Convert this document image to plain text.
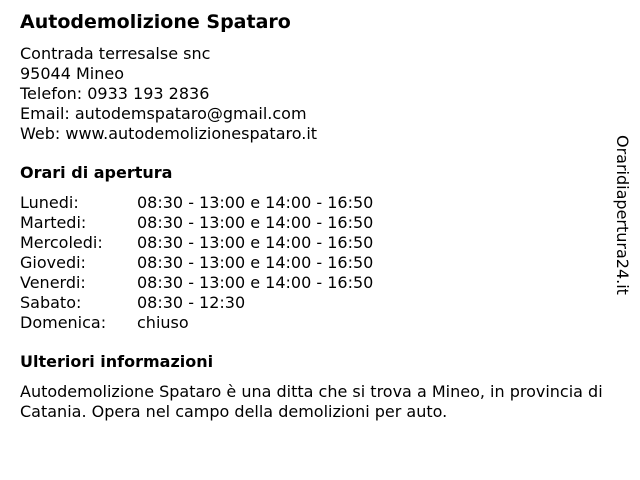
Autodemolizione Spataro
Contrada terresalse snc
95044 Mineo
Telefon: 0933 193 2836
Email: autodemspataro@gmail.com
Web: www.autodemolizionespataro.it
Orari di apertura
Lunedi:	08:30 - 13:00 e 14:00 - 16:50
Martedi:	08:30 - 13:00 e 14:00 - 16:50
Mercoledi:	08:30 - 13:00 e 14:00 - 16:50
Giovedi:	08:30 - 13:00 e 14:00 - 16:50
Venerdi:	08:30 - 13:00 e 14:00 - 16:50
Sabato:	08:30 - 12:30
Domenica:	chiuso
Ulteriori informazioni
Autodemolizione Spataro è una ditta che si trova a Mineo, in provincia di Catania. Opera nel campo della demolizioni per auto.
Oraridiapertura24.it
